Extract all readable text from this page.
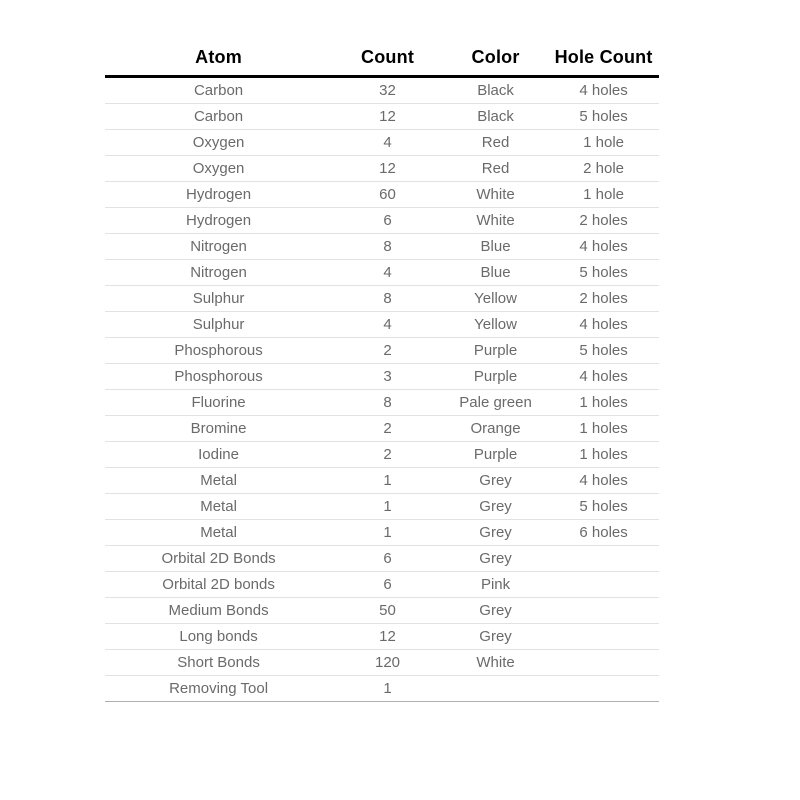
Atom	Count	Color	Hole Count
Carbon	32	Black	4 holes
Carbon	12	Black	5 holes
Oxygen	4	Red	1 hole
Oxygen	12	Red	2 hole
Hydrogen	60	White	1 hole
Hydrogen	6	White	2 holes
Nitrogen	8	Blue	4 holes
Nitrogen	4	Blue	5 holes
Sulphur	8	Yellow	2 holes
Sulphur	4	Yellow	4 holes
Phosphorous	2	Purple	5 holes
Phosphorous	3	Purple	4 holes
Fluorine	8	Pale green	1 holes
Bromine	2	Orange	1 holes
Iodine	2	Purple	1 holes
Metal	1	Grey	4 holes
Metal	1	Grey	5 holes
Metal	1	Grey	6 holes
Orbital 2D Bonds	6	Grey	
Orbital 2D bonds	6	Pink	
Medium Bonds	50	Grey	
Long bonds	12	Grey	
Short Bonds	120	White	
Removing Tool	1		
